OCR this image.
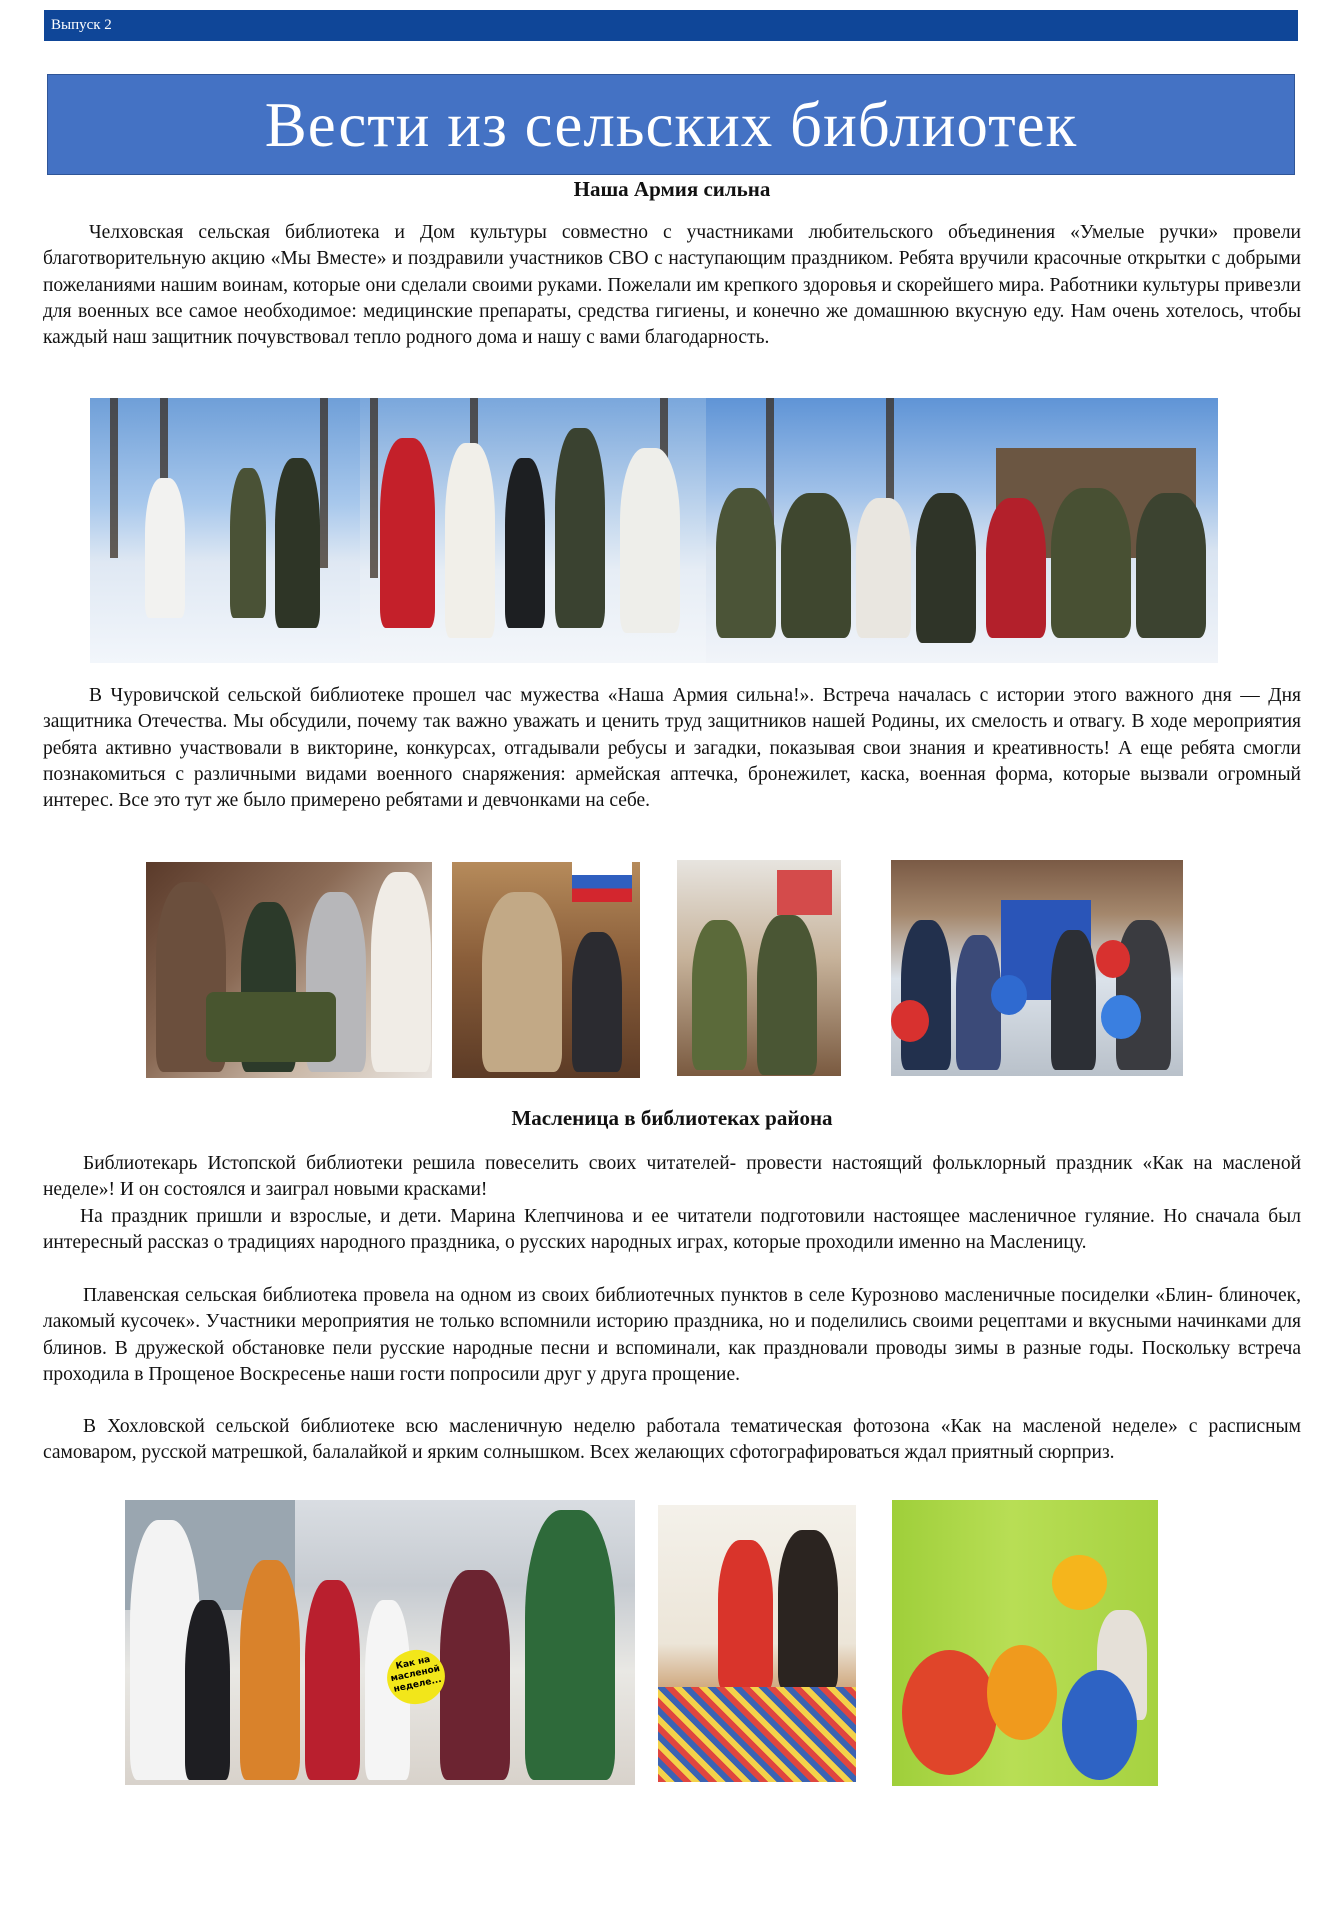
Выпуск 2
Вести из сельских библиотек
Наша Армия сильна

Челховская сельская библиотека и Дом культуры совместно с участниками любительского объединения «Умелые ручки» провели благотворительную акцию «Мы Вместе» и поздравили участников СВО с наступающим праздником. Ребята вручили красочные открытки с добрыми пожеланиями нашим воинам, которые они сделали своими руками. Пожелали им крепкого здоровья и скорейшего мира. Работники культуры привезли для военных все самое необходимое: медицинские препараты, средства гигиены, и конечно же домашнюю вкусную еду. Нам очень хотелось, чтобы каждый наш защитник почувствовал тепло родного дома и нашу с вами благодарность.

В Чуровичской сельской библиотеке прошел час мужества «Наша Армия сильна!». Встреча началась с истории этого важного дня — Дня защитника Отечества. Мы обсудили, почему так важно уважать и ценить труд защитников нашей Родины, их смелость и отвагу. В ходе мероприятия ребята активно участвовали в викторине, конкурсах, отгадывали ребусы и загадки, показывая свои знания и креативность! А еще ребята смогли познакомиться с различными видами военного снаряжения: армейская аптечка, бронежилет, каска, военная форма, которые вызвали огромный интерес. Все это тут же было примерено ребятами и девчонками на себе.

Масленица в библиотеках района

Библиотекарь Истопской библиотеки решила повеселить своих читателей- провести настоящий фольклорный праздник «Как на масленой неделе»! И он состоялся и заиграл новыми красками!

На праздник пришли и взрослые, и дети. Марина Клепчинова и ее читатели подготовили настоящее масленичное гуляние. Но сначала был интересный рассказ о традициях народного праздника, о русских народных играх, которые проходили именно на Масленицу.

Плавенская сельская библиотека провела на одном из своих библиотечных пунктов в селе Курозново масленичные посиделки «Блин- блиночек, лакомый кусочек». Участники мероприятия не только вспомнили историю праздника, но и поделились своими рецептами и вкусными начинками для блинов. В дружеской обстановке пели русские народные песни и вспоминали, как праздновали проводы зимы в разные годы. Поскольку встреча проходила в Прощеное Воскресенье наши гости попросили друг у друга прощение.

В Хохловской сельской библиотеке всю масленичную неделю работала тематическая фотозона «Как на масленой неделе» с расписным самоваром, русской матрешкой, балалайкой и ярким солнышком. Всех желающих сфотографироваться ждал приятный сюрприз.

Как на масленой неделе...
